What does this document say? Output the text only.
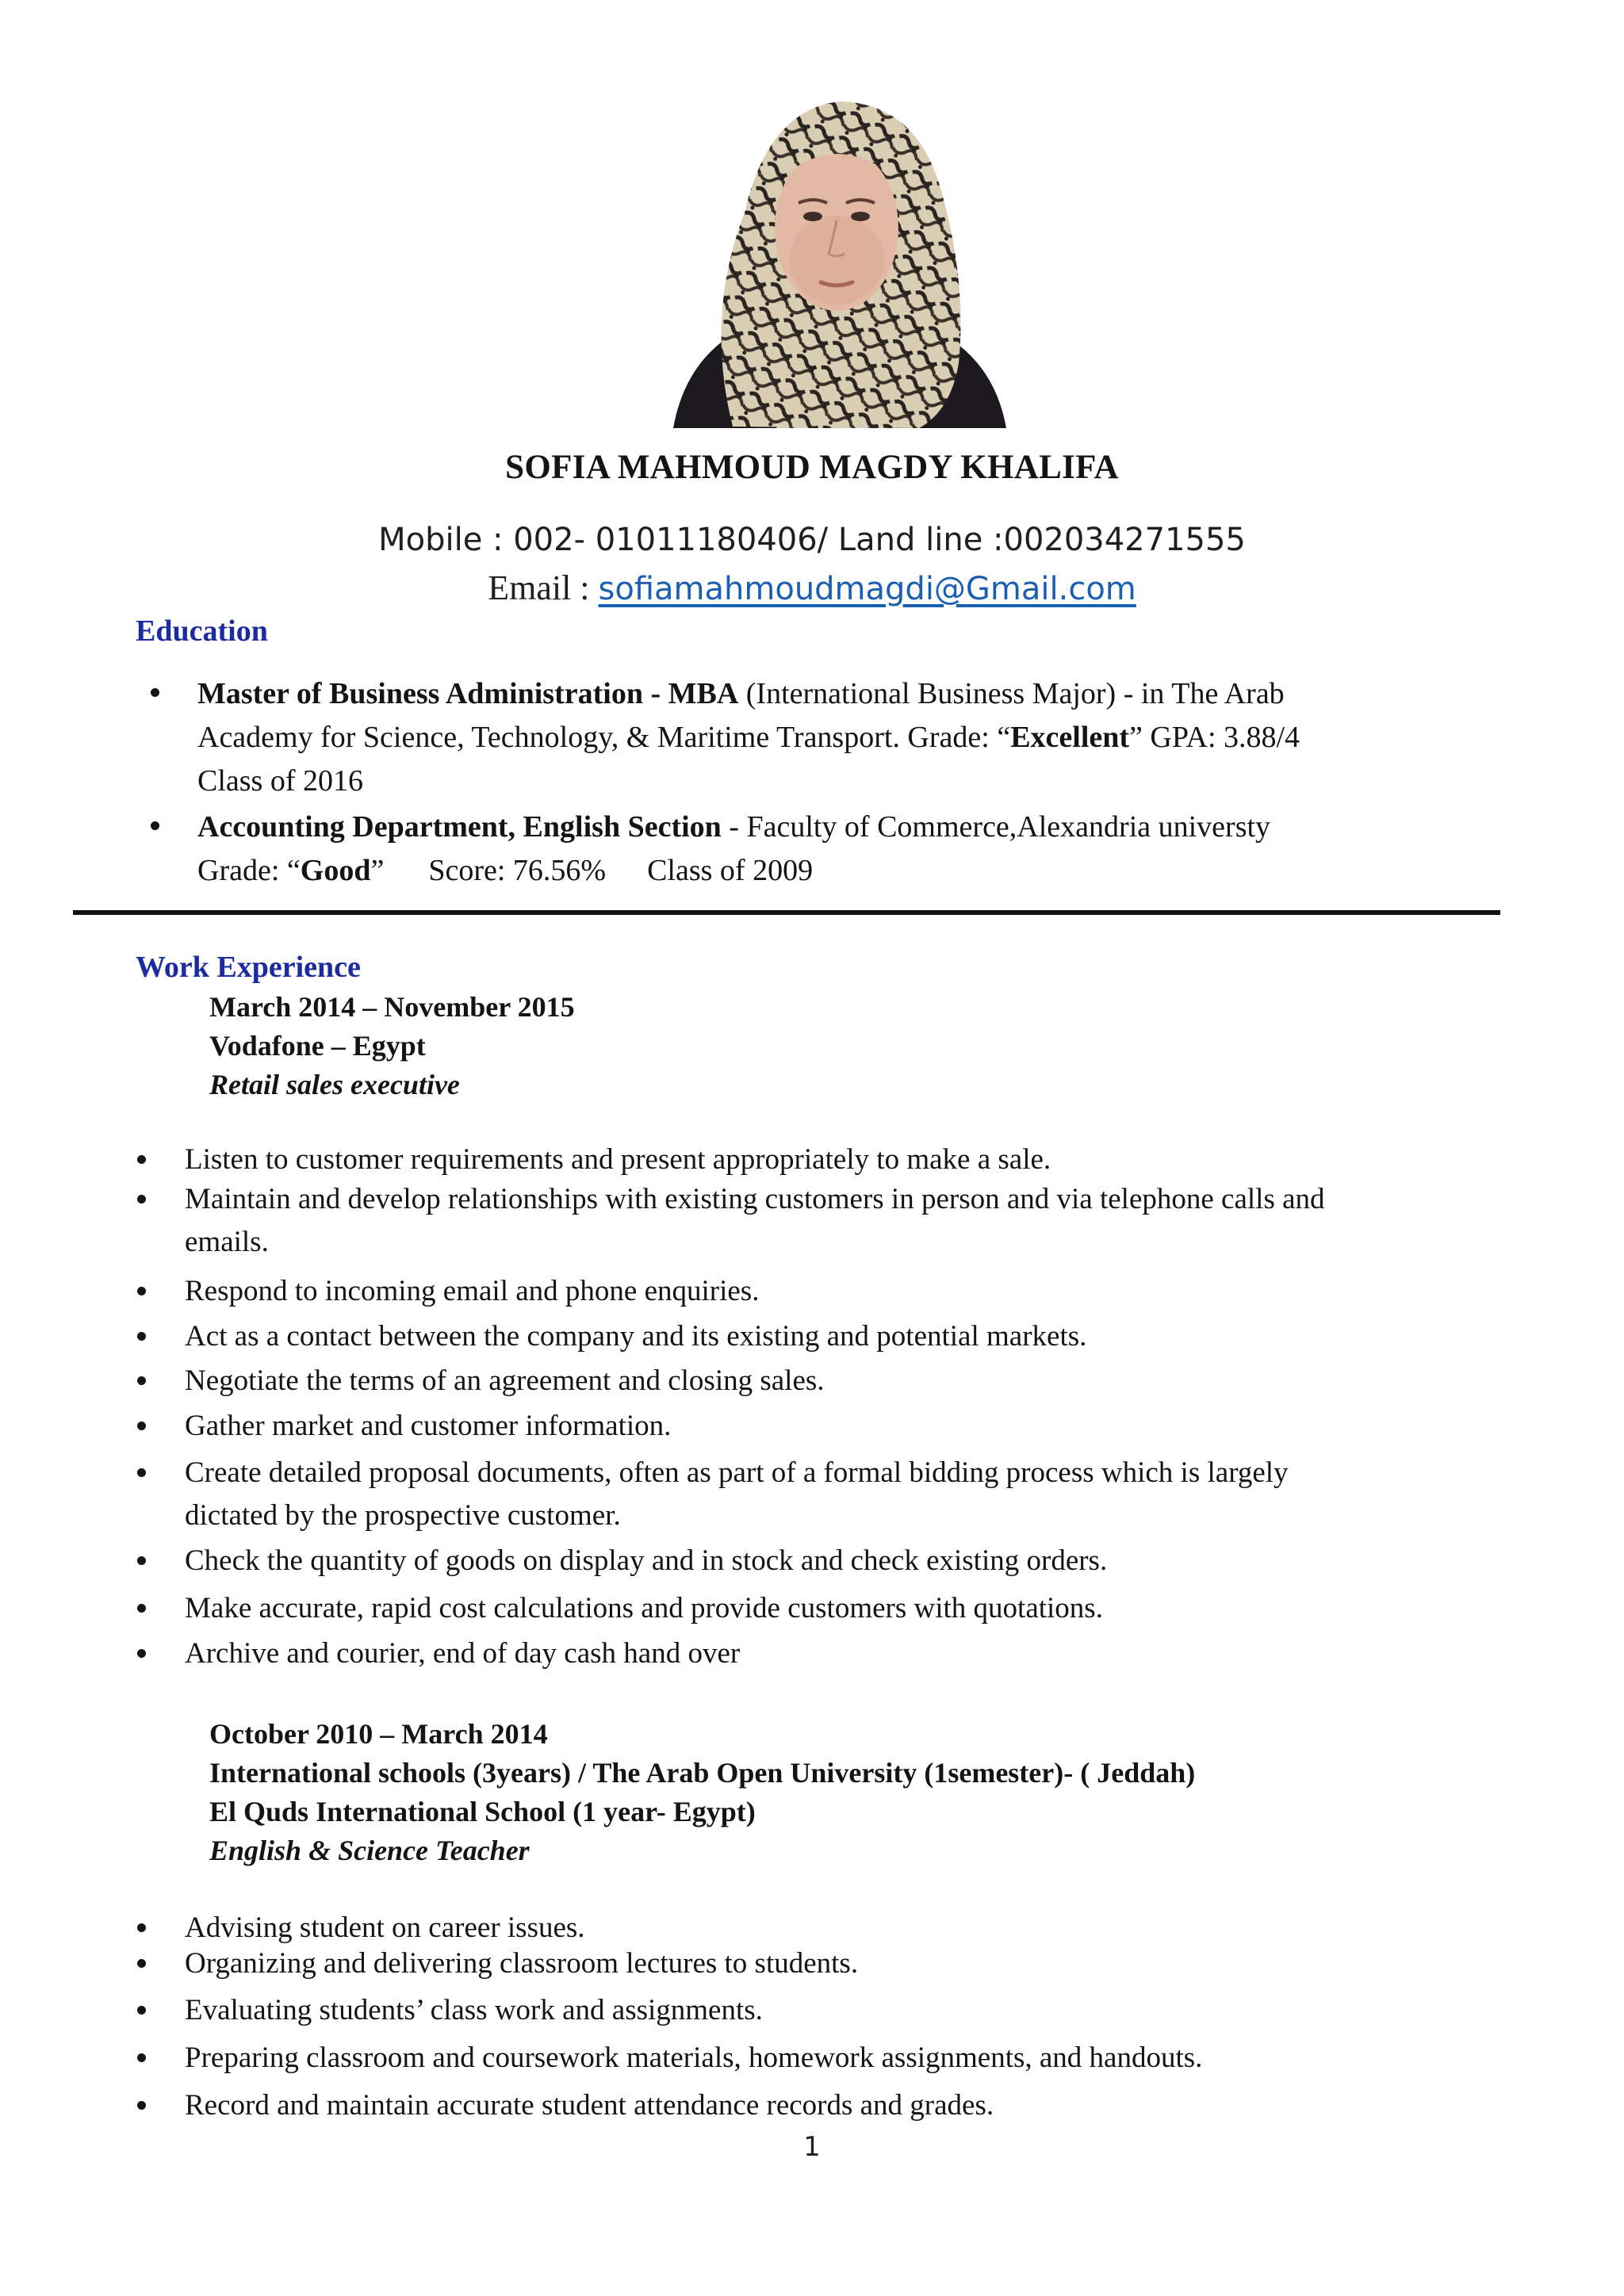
SOFIA MAHMOUD MAGDY KHALIFA
Mobile : 002- 01011180406/ Land line :002034271555
Email : sofiamahmoudmagdi@Gmail.com
Education
Master of Business Administration - MBA (International Business Major) - in The Arab
Academy for Science, Technology, & Maritime Transport. Grade: “Excellent” GPA: 3.88/4
Class of 2016
Accounting Department, English Section - Faculty of Commerce,Alexandria universty
Grade: “Good” Score: 76.56% Class of 2009
Work Experience
March 2014 – November 2015
Vodafone – Egypt
Retail sales executive
Listen to customer requirements and present appropriately to make a sale.
Maintain and develop relationships with existing customers in person and via telephone calls and
emails.
Respond to incoming email and phone enquiries.
Act as a contact between the company and its existing and potential markets.
Negotiate the terms of an agreement and closing sales.
Gather market and customer information.
Create detailed proposal documents, often as part of a formal bidding process which is largely
dictated by the prospective customer.
Check the quantity of goods on display and in stock and check existing orders.
Make accurate, rapid cost calculations and provide customers with quotations.
Archive and courier, end of day cash hand over
October 2010 – March 2014
International schools (3years) / The Arab Open University (1semester)- ( Jeddah)
El Quds International School (1 year- Egypt)
English & Science Teacher
Advising student on career issues.
Organizing and delivering classroom lectures to students.
Evaluating students’ class work and assignments.
Preparing classroom and coursework materials, homework assignments, and handouts.
Record and maintain accurate student attendance records and grades.
1
